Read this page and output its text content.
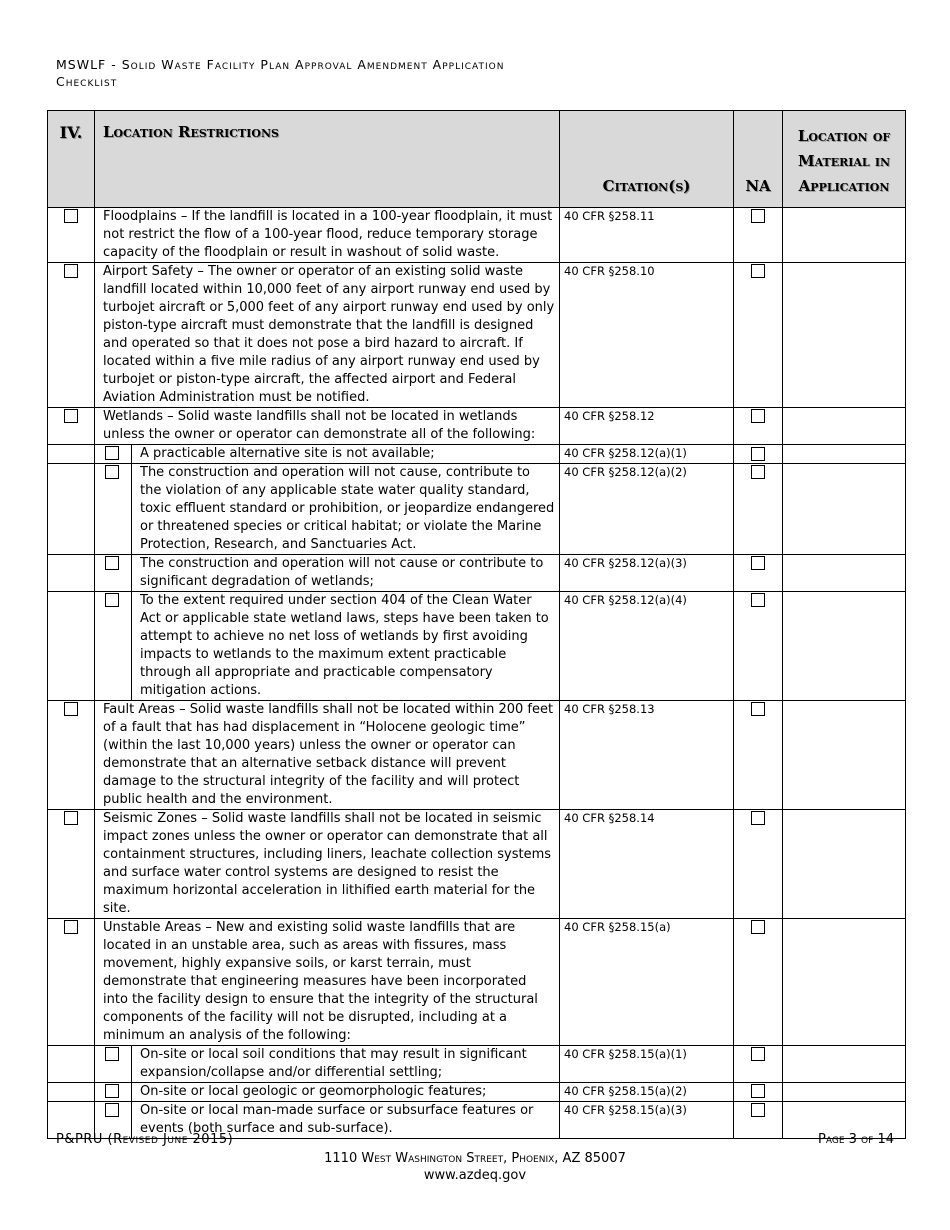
MSWLF - Solid Waste Facility Plan Approval Amendment Application
Checklist
IV.	Location Restrictions		Citation(s)	NA	Location of Material in Application

	Floodplains – If the landfill is located in a 100-year floodplain, it must not restrict the flow of a 100-year flood, reduce temporary storage capacity of the floodplain or result in washout of solid waste.		40 CFR §258.11	

	Airport Safety – The owner or operator of an existing solid waste landfill located within 10,000 feet of any airport runway end used by turbojet aircraft or 5,000 feet of any airport runway end used by only piston-type aircraft must demonstrate that the landfill is designed and operated so that it does not pose a bird hazard to aircraft. If located within a five mile radius of any airport runway end used by turbojet or piston-type aircraft, the affected airport and Federal Aviation Administration must be notified.		40 CFR §258.10	

	Wetlands – Solid waste landfills shall not be located in wetlands unless the owner or operator can demonstrate all of the following:		40 CFR §258.12	

	A practicable alternative site is not available;	40 CFR §258.12(a)(1)	

	The construction and operation will not cause, contribute to the violation of any applicable state water quality standard, toxic effluent standard or prohibition, or jeopardize endangered or threatened species or critical habitat; or violate the Marine Protection, Research, and Sanctuaries Act.	40 CFR §258.12(a)(2)	

	The construction and operation will not cause or contribute to significant degradation of wetlands;	40 CFR §258.12(a)(3)	

	To the extent required under section 404 of the Clean Water Act or applicable state wetland laws, steps have been taken to attempt to achieve no net loss of wetlands by first avoiding impacts to wetlands to the maximum extent practicable through all appropriate and practicable compensatory mitigation actions.	40 CFR §258.12(a)(4)	

	Fault Areas – Solid waste landfills shall not be located within 200 feet of a fault that has had displacement in “Holocene geologic time” (within the last 10,000 years) unless the owner or operator can demonstrate that an alternative setback distance will prevent damage to the structural integrity of the facility and will protect public health and the environment.		40 CFR §258.13	

	Seismic Zones – Solid waste landfills shall not be located in seismic impact zones unless the owner or operator can demonstrate that all containment structures, including liners, leachate collection systems and surface water control systems are designed to resist the maximum horizontal acceleration in lithified earth material for the site.		40 CFR §258.14	

	Unstable Areas – New and existing solid waste landfills that are located in an unstable area, such as areas with fissures, mass movement, highly expansive soils, or karst terrain, must demonstrate that engineering measures have been incorporated into the facility design to ensure that the integrity of the structural components of the facility will not be disrupted, including at a minimum an analysis of the following:		40 CFR §258.15(a)	

	On-site or local soil conditions that may result in significant expansion/collapse and/or differential settling;	40 CFR §258.15(a)(1)	

	On-site or local geologic or geomorphologic features;	40 CFR §258.15(a)(2)	

	On-site or local man-made surface or subsurface features or events (both surface and sub-surface).	40 CFR §258.15(a)(3)	

P&PRU (Revised June 2015)	Page 3 of 14
1110 West Washington Street, Phoenix, AZ 85007
www.azdeq.gov
